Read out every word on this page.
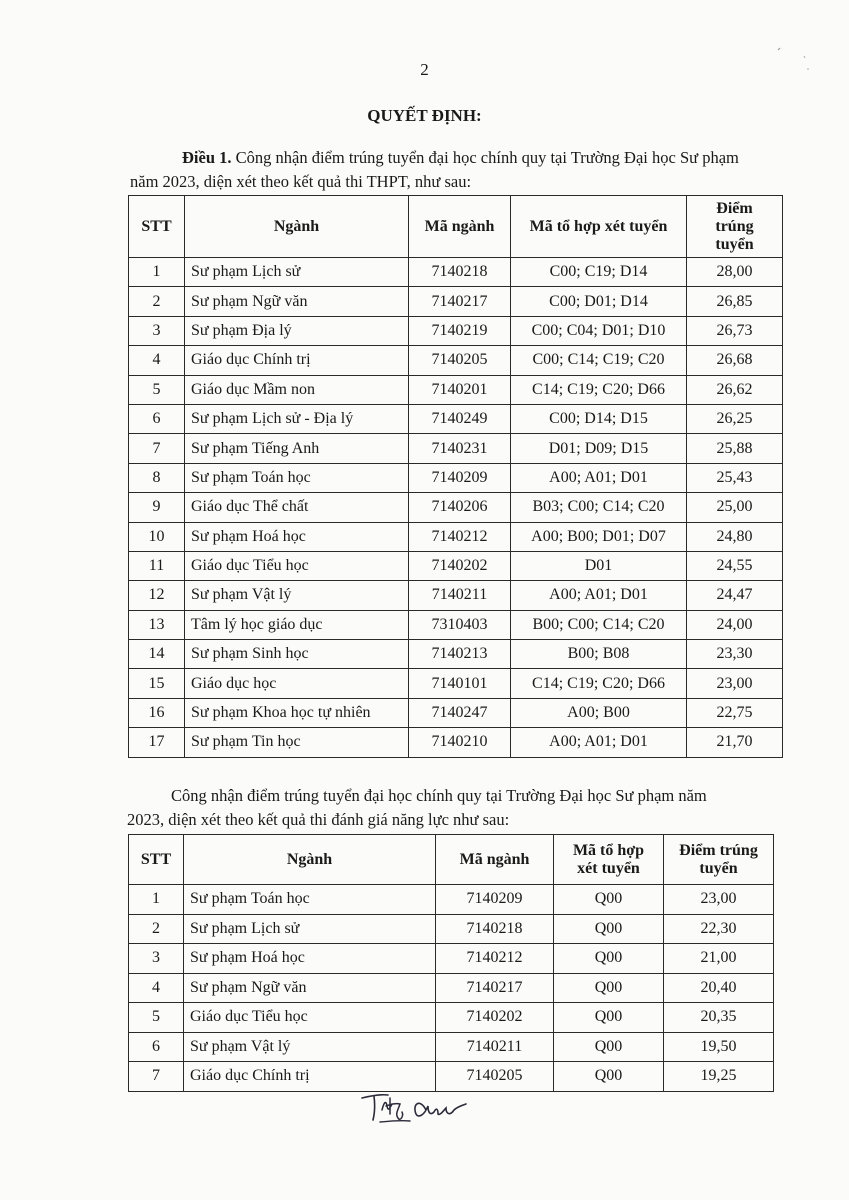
2
QUYẾT ĐỊNH:
Điều 1. Công nhận điểm trúng tuyển đại học chính quy tại Trường Đại học Sư phạm
năm 2023, diện xét theo kết quả thi THPT, như sau:
STT	Ngành	Mã ngành	Mã tổ hợp xét tuyển	Điểm trúng tuyển
1	Sư phạm Lịch sử	7140218	C00; C19; D14	28,00
2	Sư phạm Ngữ văn	7140217	C00; D01; D14	26,85
3	Sư phạm Địa lý	7140219	C00; C04; D01; D10	26,73
4	Giáo dục Chính trị	7140205	C00; C14; C19; C20	26,68
5	Giáo dục Mầm non	7140201	C14; C19; C20; D66	26,62
6	Sư phạm Lịch sử - Địa lý	7140249	C00; D14; D15	26,25
7	Sư phạm Tiếng Anh	7140231	D01; D09; D15	25,88
8	Sư phạm Toán học	7140209	A00; A01; D01	25,43
9	Giáo dục Thể chất	7140206	B03; C00; C14; C20	25,00
10	Sư phạm Hoá học	7140212	A00; B00; D01; D07	24,80
11	Giáo dục Tiểu học	7140202	D01	24,55
12	Sư phạm Vật lý	7140211	A00; A01; D01	24,47
13	Tâm lý học giáo dục	7310403	B00; C00; C14; C20	24,00
14	Sư phạm Sinh học	7140213	B00; B08	23,30
15	Giáo dục học	7140101	C14; C19; C20; D66	23,00
16	Sư phạm Khoa học tự nhiên	7140247	A00; B00	22,75
17	Sư phạm Tin học	7140210	A00; A01; D01	21,70
Công nhận điểm trúng tuyển đại học chính quy tại Trường Đại học Sư phạm năm
2023, diện xét theo kết quả thi đánh giá năng lực như sau:
STT	Ngành	Mã ngành	Mã tổ hợp xét tuyển	Điểm trúng tuyển
1	Sư phạm Toán học	7140209	Q00	23,00
2	Sư phạm Lịch sử	7140218	Q00	22,30
3	Sư phạm Hoá học	7140212	Q00	21,00
4	Sư phạm Ngữ văn	7140217	Q00	20,40
5	Giáo dục Tiểu học	7140202	Q00	20,35
6	Sư phạm Vật lý	7140211	Q00	19,50
7	Giáo dục Chính trị	7140205	Q00	19,25
